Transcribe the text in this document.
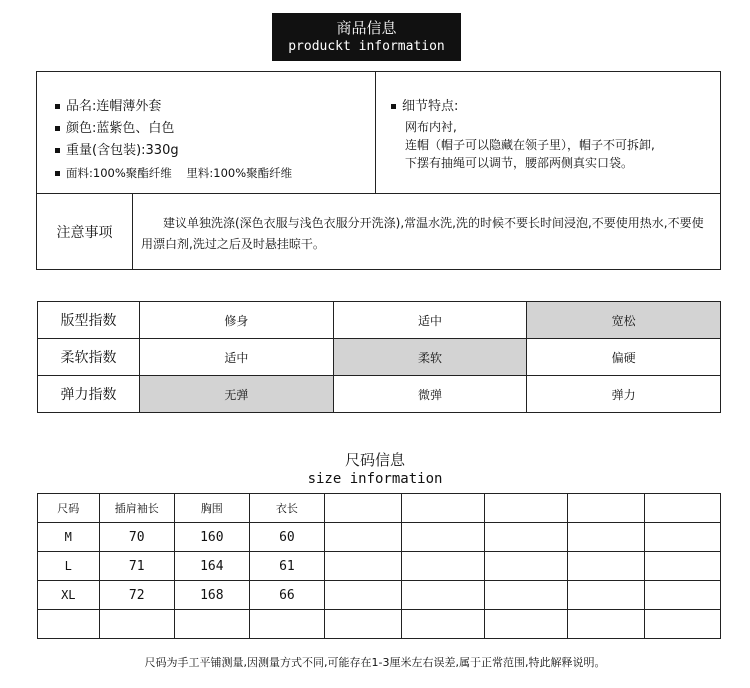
商品信息
produckt information
品名:连帽薄外套
颜色:蓝紫色、白色
重量(含包装):330g
面料:100%聚酯纤维    里料:100%聚酯纤维
细节特点:
网布内衬,
连帽（帽子可以隐藏在领子里），帽子不可拆卸,
下摆有抽绳可以调节，腰部两侧真实口袋。
注意事项
建议单独洗涤(深色衣服与浅色衣服分开洗涤),常温水洗,洗的时候不要长时间浸泡,不要使用热水,不要使用漂白剂,洗过之后及时悬挂晾干。
版型指数	修身	适中	宽松
柔软指数	适中	柔软	偏硬
弹力指数	无弹	微弹	弹力
尺码信息
size information
尺码	插肩袖长	胸围	衣长					
M	70	160	60					
L	71	164	61					
XL	72	168	66					

尺码为手工平铺测量,因测量方式不同,可能存在1-3厘米左右误差,属于正常范围,特此解释说明。
